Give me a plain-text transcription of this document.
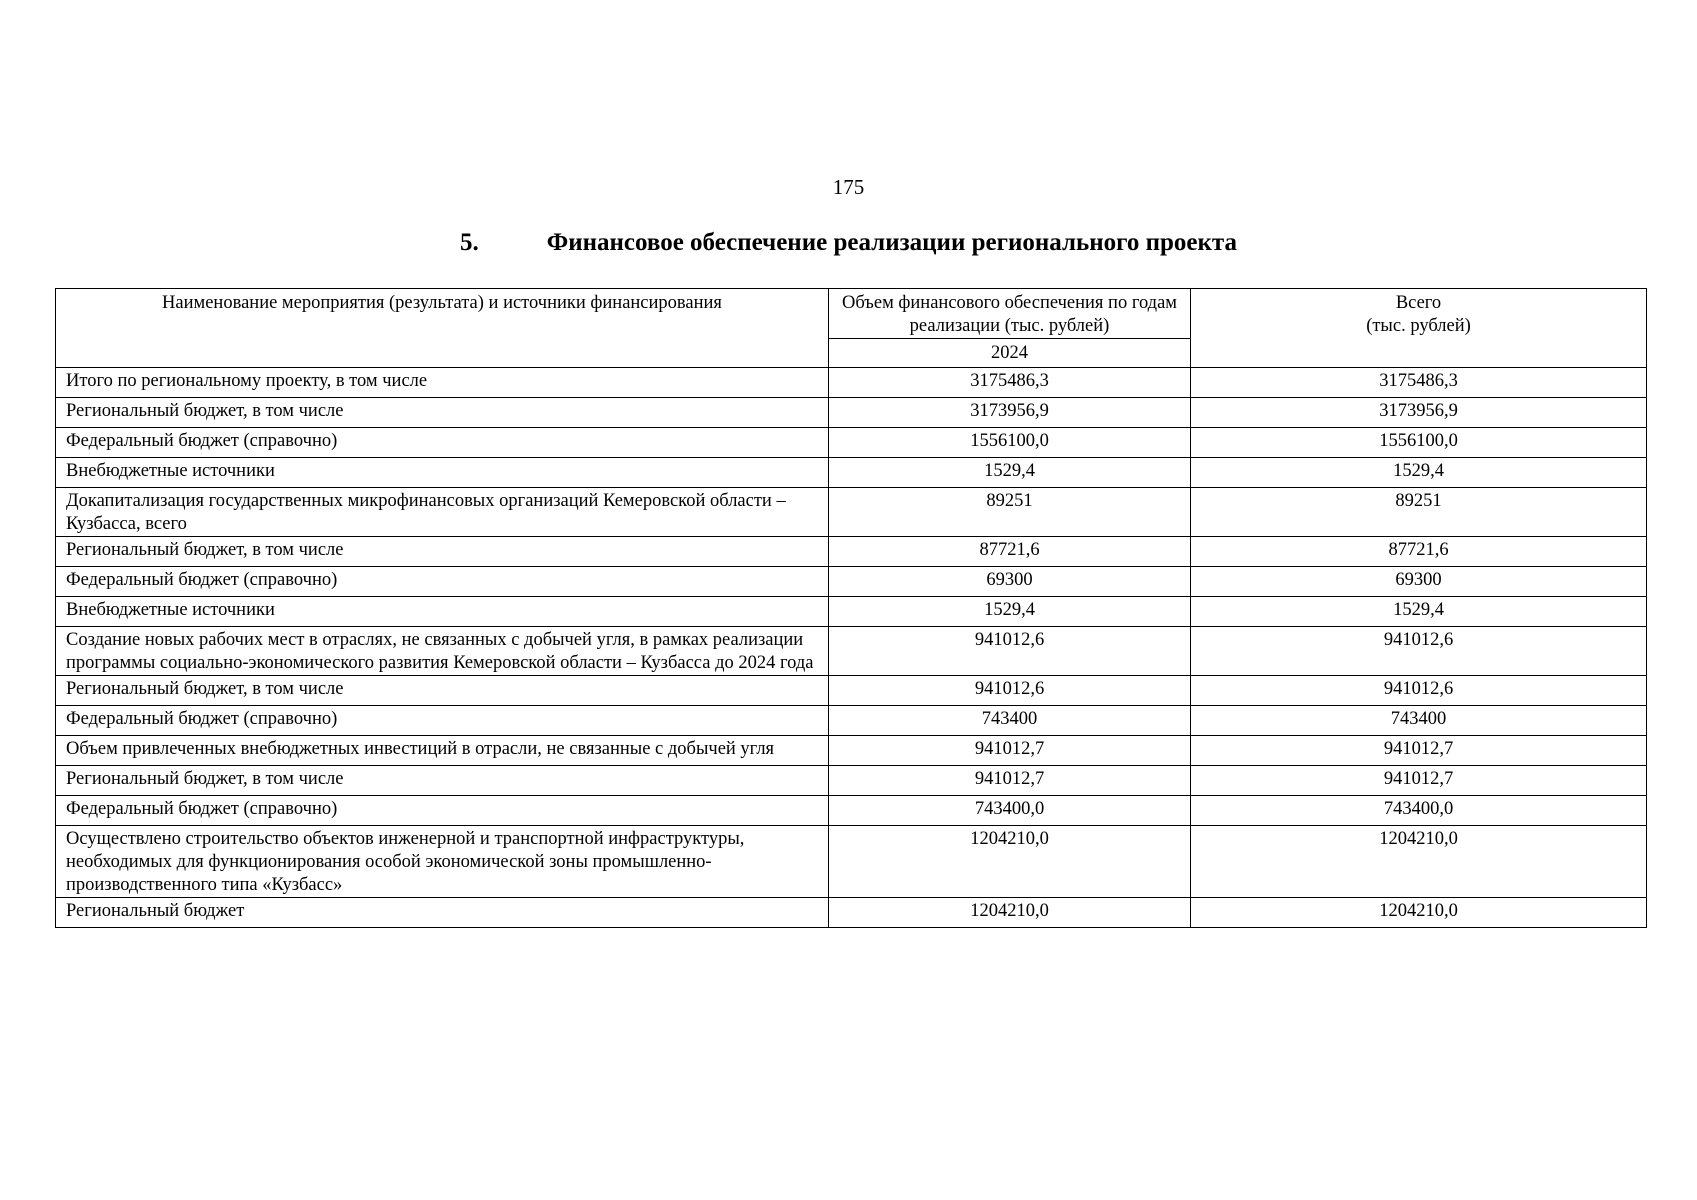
175
5.	Финансовое обеспечение реализации регионального проекта
Наименование мероприятия (результата) и источники финансирования	Объем финансового обеспечения по годам реализации (тыс. рублей)	Всего
(тыс. рублей)
	2024	
Итого по региональному проекту, в том числе	3175486,3	3175486,3
Региональный бюджет, в том числе	3173956,9	3173956,9
Федеральный бюджет (справочно)	1556100,0	1556100,0
Внебюджетные источники	1529,4	1529,4
Докапитализация государственных микрофинансовых организаций Кемеровской области – Кузбасса, всего	89251	89251
Региональный бюджет, в том числе	87721,6	87721,6
Федеральный бюджет (справочно)	69300	69300
Внебюджетные источники	1529,4	1529,4
Создание новых рабочих мест в отраслях, не связанных с добычей угля, в рамках реализации программы социально-экономического развития Кемеровской области – Кузбасса до 2024 года	941012,6	941012,6
Региональный бюджет, в том числе	941012,6	941012,6
Федеральный бюджет (справочно)	743400	743400
Объем привлеченных внебюджетных инвестиций в отрасли, не связанные с добычей угля	941012,7	941012,7
Региональный бюджет, в том числе	941012,7	941012,7
Федеральный бюджет (справочно)	743400,0	743400,0
Осуществлено строительство объектов инженерной и транспортной инфраструктуры, необходимых для функционирования особой экономической зоны промышленно-производственного типа «Кузбасс»	1204210,0	1204210,0
Региональный бюджет	1204210,0	1204210,0
